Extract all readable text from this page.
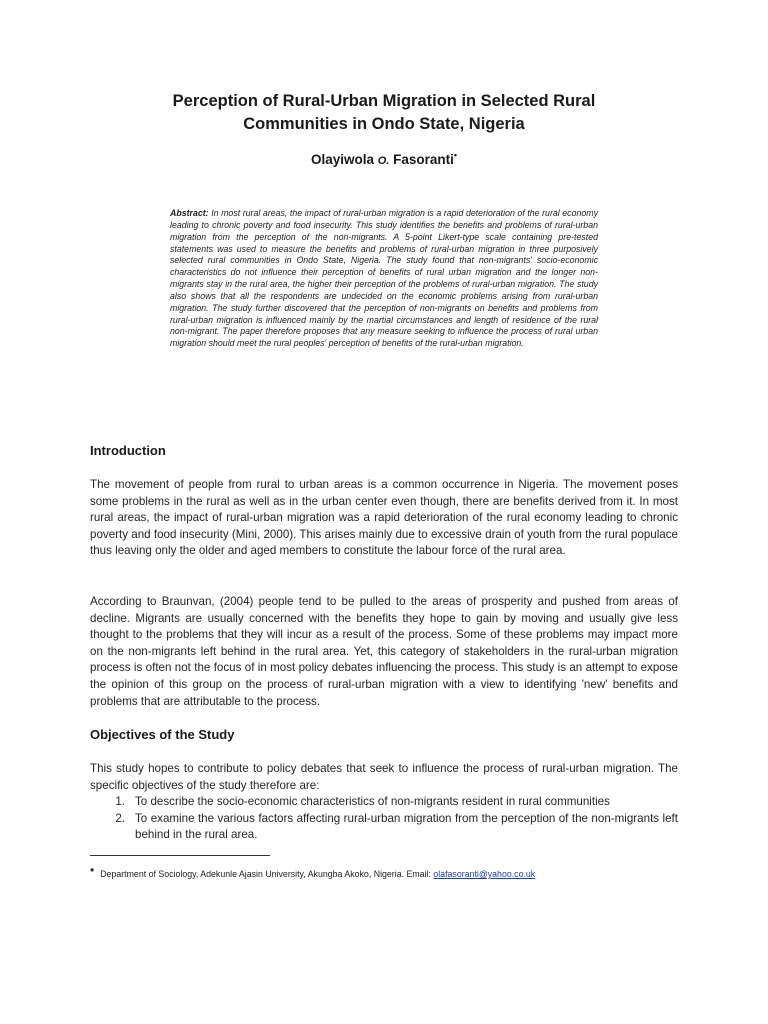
Perception of Rural-Urban Migration in Selected Rural
Communities in Ondo State, Nigeria
Olayiwola O. Fasoranti•
Abstract: In most rural areas, the impact of rural-urban migration is a rapid deterioration of the rural economy leading to chronic poverty and food insecurity. This study identifies the benefits and problems of rural-urban migration from the perception of the non-migrants. A 5-point Likert-type scale containing pre-tested statements was used to measure the benefits and problems of rural-urban migration in three purposively selected rural communities in Ondo State, Nigeria. The study found that non-migrants' socio-economic characteristics do not influence their perception of benefits of rural urban migration and the longer non-migrants stay in the rural area, the higher their perception of the problems of rural-urban migration. The study also shows that all the respondents are undecided on the economic problems arising from rural-urban migration. The study further discovered that the perception of non-migrants on benefits and problems from rural-urban migration is influenced mainly by the martial circumstances and length of residence of the rural non-migrant. The paper therefore proposes that any measure seeking to influence the process of rural urban migration should meet the rural peoples' perception of benefits of the rural-urban migration.
Introduction
The movement of people from rural to urban areas is a common occurrence in Nigeria. The movement poses some problems in the rural as well as in the urban center even though, there are benefits derived from it. In most rural areas, the impact of rural-urban migration was a rapid deterioration of the rural economy leading to chronic poverty and food insecurity (Mini, 2000). This arises mainly due to excessive drain of youth from the rural populace thus leaving only the older and aged members to constitute the labour force of the rural area.
According to Braunvan, (2004) people tend to be pulled to the areas of prosperity and pushed from areas of decline. Migrants are usually concerned with the benefits they hope to gain by moving and usually give less thought to the problems that they will incur as a result of the process. Some of these problems may impact more on the non-migrants left behind in the rural area. Yet, this category of stakeholders in the rural-urban migration process is often not the focus of in most policy debates influencing the process. This study is an attempt to expose the opinion of this group on the process of rural-urban migration with a view to identifying 'new' benefits and problems that are attributable to the process.
Objectives of the Study
This study hopes to contribute to policy debates that seek to influence the process of rural-urban migration. The specific objectives of the study therefore are:
1. To describe the socio-economic characteristics of non-migrants resident in rural communities
2. To examine the various factors affecting rural-urban migration from the perception of the non-migrants left behind in the rural area.
• Department of Sociology, Adekunle Ajasin University, Akungba Akoko, Nigeria. Email: olafasoranti@yahoo.co.uk
